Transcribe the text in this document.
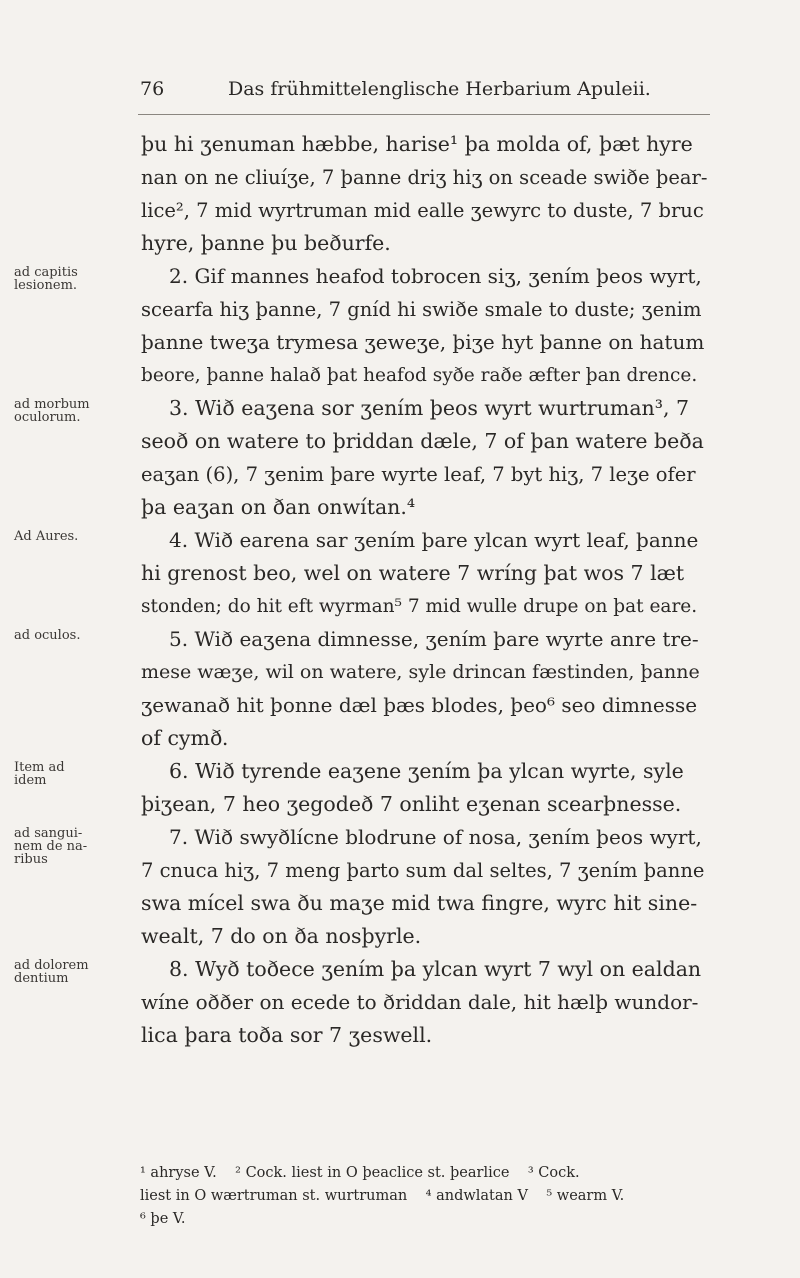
76	Das frühmittelenglische Herbarium Apuleii.
þu hi ʒenuman hæbbe, harise¹ þa molda of, þæt hyre
nan on ne cliuíʒe, 7 þanne driʒ hiʒ on sceade swiðe þear-
lice², 7 mid wyrtruman mid ealle ʒewyrc to duste, 7 bruc
hyre, þanne þu beðurfe.
2. Gif mannes heafod tobrocen siʒ, ʒením þeos wyrt,
scearfa hiʒ þanne, 7 gníd hi swiðe smale to duste; ʒenim
þanne tweʒa trymesa ʒeweʒe, þiʒe hyt þanne on hatum
beore, þanne halað þat heafod syðe raðe æfter þan drence.
3. Wið eaʒena sor ʒením þeos wyrt wurtruman³, 7
seoð on watere to þriddan dæle, 7 of þan watere beða
eaʒan (6), 7 ʒenim þare wyrte leaf, 7 byt hiʒ, 7 leʒe ofer
þa eaʒan on ðan onwítan.⁴
4. Wið earena sar ʒením þare ylcan wyrt leaf, þanne
hi grenost beo, wel on watere 7 wríng þat wos 7 læt
stonden; do hit eft wyrman⁵ 7 mid wulle drupe on þat eare.
5. Wið eaʒena dimnesse, ʒením þare wyrte anre tre-
mese wæʒe, wil on watere, syle drincan fæstinden, þanne
ʒewanað hit þonne dæl þæs blodes, þeo⁶ seo dimnesse
of cymð.
6. Wið tyrende eaʒene ʒením þa ylcan wyrte, syle
þiʒean, 7 heo ʒegodeð 7 onliht eʒenan scearþnesse.
7. Wið swyðlícne blodrune of nosa, ʒením þeos wyrt,
7 cnuca hiʒ, 7 meng þarto sum dal seltes, 7 ʒením þanne
swa mícel swa ðu maʒe mid twa fingre, wyrc hit sine-
wealt, 7 do on ða nosþyrle.
8. Wyð toðece ʒením þa ylcan wyrt 7 wyl on ealdan
wíne oððer on ecede to ðriddan dale, hit hælþ wundor-
lica þara toða sor 7 ʒeswell.
ad capitis
lesionem.
ad morbum
oculorum.
Ad Aures.
ad oculos.
Item ad
idem
ad sangui-
nem de na-
ribus
ad dolorem
dentium
¹ ahryse V.    ² Cock. liest in O þeaclice st. þearlice    ³ Cock.
liest in O wærtruman st. wurtruman    ⁴ andwlatan V    ⁵ wearm V.
⁶ þe V.
